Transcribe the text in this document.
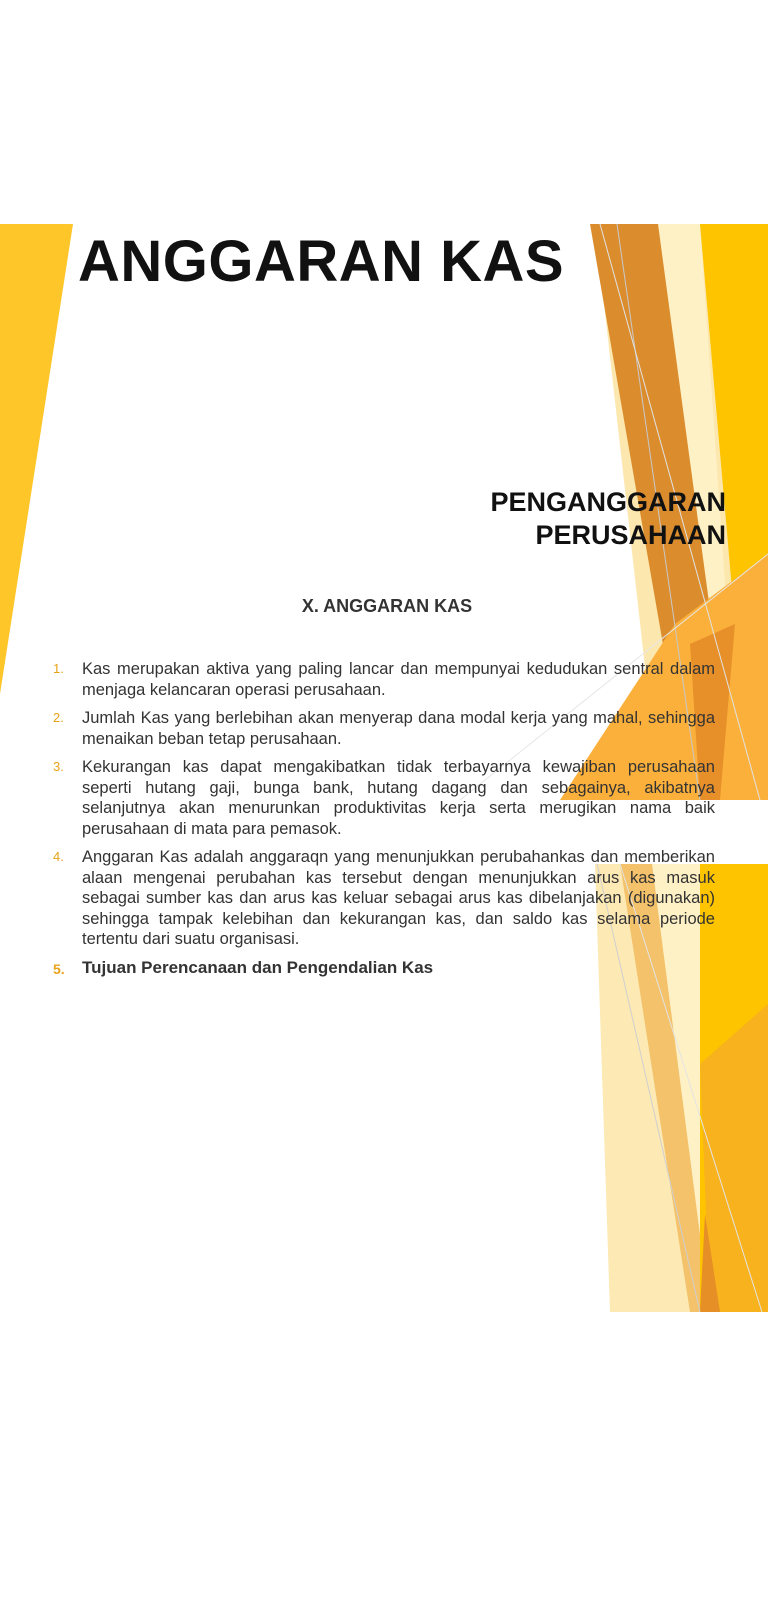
ANGGARAN KAS
PENGANGGARAN
PERUSAHAAN
X. ANGGARAN KAS
1. Kas merupakan aktiva yang paling lancar dan mempunyai kedudukan sentral dalam menjaga kelancaran operasi perusahaan.
2. Jumlah Kas yang berlebihan akan menyerap dana modal kerja yang mahal, sehingga menaikan beban tetap perusahaan.
3. Kekurangan kas dapat mengakibatkan tidak terbayarnya kewajiban perusahaan seperti hutang gaji, bunga bank, hutang dagang dan sebagainya, akibatnya selanjutnya akan menurunkan produktivitas kerja serta merugikan nama baik perusahaan di mata para pemasok.
4. Anggaran Kas adalah anggaraqn yang menunjukkan perubahankas dan memberikan alaan mengenai perubahan kas tersebut dengan menunjukkan arus kas masuk sebagai sumber kas dan arus kas keluar sebagai arus kas dibelanjakan (digunakan) sehingga tampak kelebihan dan kekurangan kas, dan saldo kas selama periode tertentu dari suatu organisasi.
5. Tujuan Perencanaan dan Pengendalian Kas
